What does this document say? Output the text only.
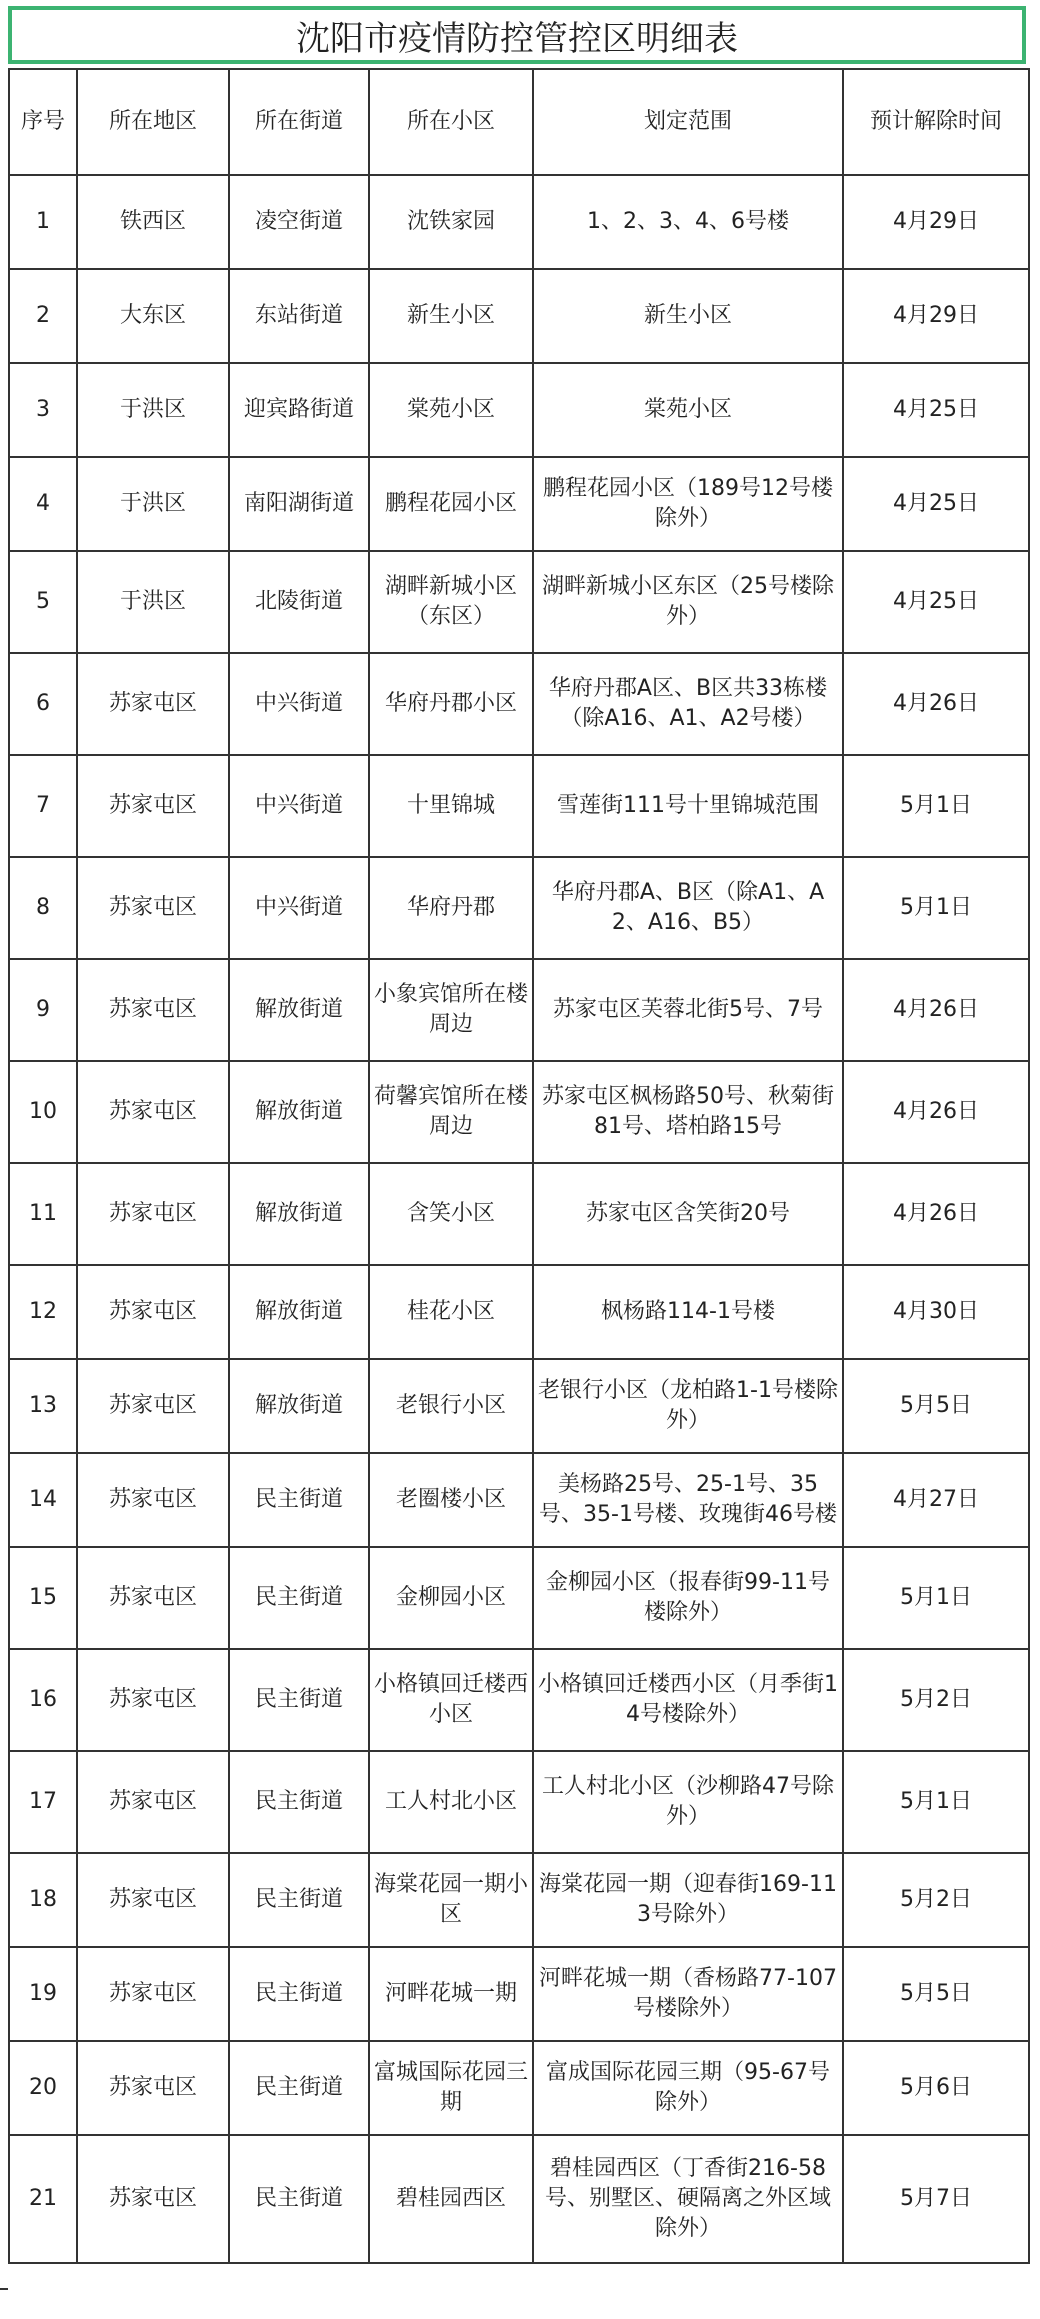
沈阳市疫情防控管控区明细表
序号	所在地区	所在街道	所在小区	划定范围	预计解除时间
1	铁西区	凌空街道	沈铁家园	1、2、3、4、6号楼	4月29日
2	大东区	东站街道	新生小区	新生小区	4月29日
3	于洪区	迎宾路街道	棠苑小区	棠苑小区	4月25日
4	于洪区	南阳湖街道	鹏程花园小区	鹏程花园小区（189号12号楼除外）	4月25日
5	于洪区	北陵街道	湖畔新城小区（东区）	湖畔新城小区东区（25号楼除外）	4月25日
6	苏家屯区	中兴街道	华府丹郡小区	华府丹郡A区、B区共33栋楼（除A16、A1、A2号楼）	4月26日
7	苏家屯区	中兴街道	十里锦城	雪莲街111号十里锦城范围	5月1日
8	苏家屯区	中兴街道	华府丹郡	华府丹郡A、B区（除A1、A2、A16、B5）	5月1日
9	苏家屯区	解放街道	小象宾馆所在楼周边	苏家屯区芙蓉北街5号、7号	4月26日
10	苏家屯区	解放街道	荷馨宾馆所在楼周边	苏家屯区枫杨路50号、秋菊街81号、塔柏路15号	4月26日
11	苏家屯区	解放街道	含笑小区	苏家屯区含笑街20号	4月26日
12	苏家屯区	解放街道	桂花小区	枫杨路114-1号楼	4月30日
13	苏家屯区	解放街道	老银行小区	老银行小区（龙柏路1-1号楼除外）	5月5日
14	苏家屯区	民主街道	老圈楼小区	美杨路25号、25-1号、35号、35-1号楼、玫瑰街46号楼	4月27日
15	苏家屯区	民主街道	金柳园小区	金柳园小区（报春街99-11号楼除外）	5月1日
16	苏家屯区	民主街道	小格镇回迁楼西小区	小格镇回迁楼西小区（月季街14号楼除外）	5月2日
17	苏家屯区	民主街道	工人村北小区	工人村北小区（沙柳路47号除外）	5月1日
18	苏家屯区	民主街道	海棠花园一期小区	海棠花园一期（迎春街169-113号除外）	5月2日
19	苏家屯区	民主街道	河畔花城一期	河畔花城一期（香杨路77-107号楼除外）	5月5日
20	苏家屯区	民主街道	富城国际花园三期	富成国际花园三期（95-67号除外）	5月6日
21	苏家屯区	民主街道	碧桂园西区	碧桂园西区（丁香街216-58号、别墅区、硬隔离之外区域除外）	5月7日
